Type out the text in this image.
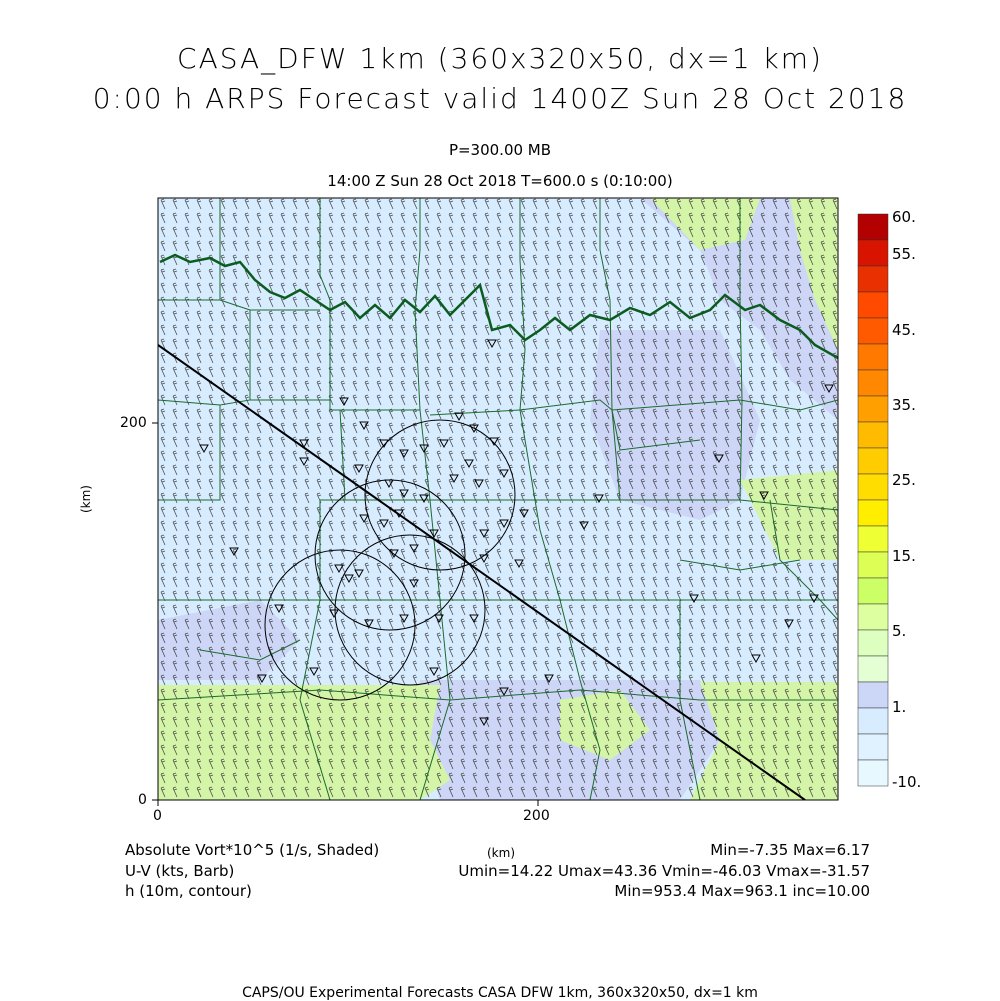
CASA_DFW 1km (360x320x50, dx=1 km)
0:00 h ARPS Forecast valid 1400Z Sun 28 Oct 2018
P=300.00 MB
14:00 Z Sun 28 Oct 2018 T=600.0 s (0:10:00)
0	200
0
200
(km)
60.
55.
45.
35.
25.
15.
5.
1.
-10.
Absolute Vort*10^5 (1/s, Shaded)	(km)	Min=-7.35 Max=6.17
U-V (kts, Barb)	Umin=14.22 Umax=43.36 Vmin=-46.03 Vmax=-31.57
h (10m, contour)	Min=953.4 Max=963.1 inc=10.00
CAPS/OU Experimental Forecasts CASA DFW 1km, 360x320x50, dx=1 km
